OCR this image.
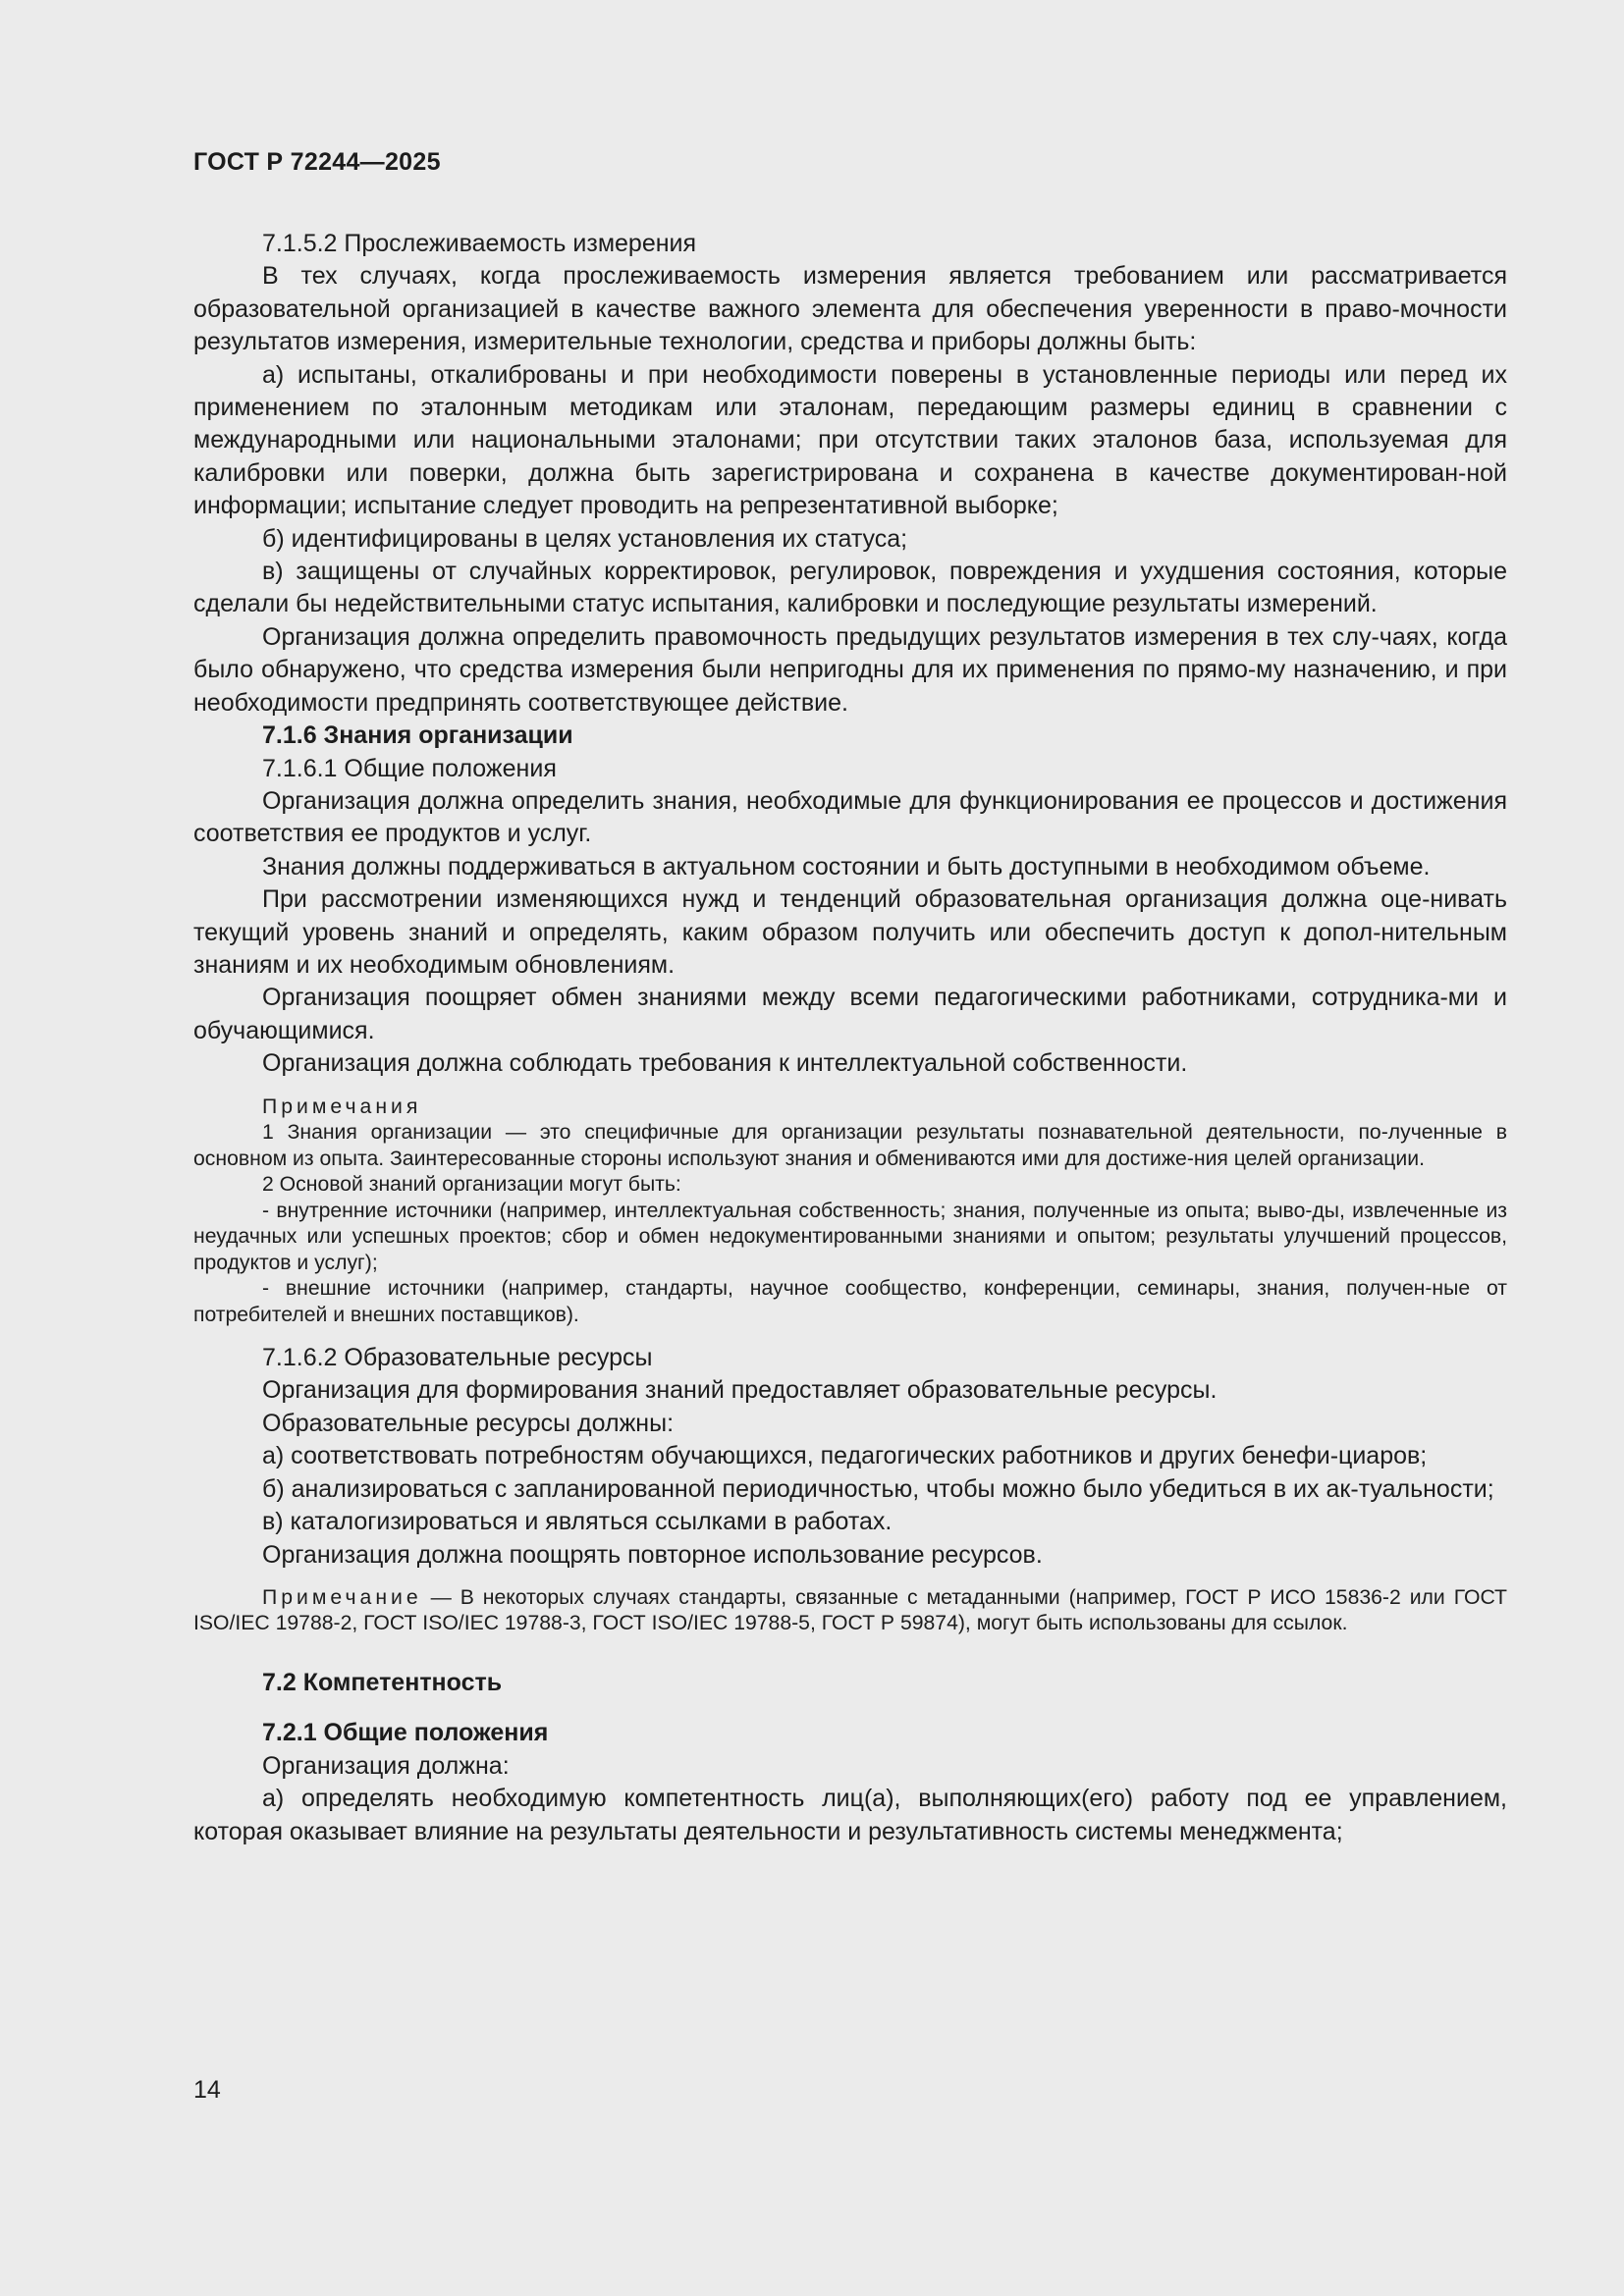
ГОСТ Р 72244—2025

7.1.5.2 Прослеживаемость измерения

В тех случаях, когда прослеживаемость измерения является требованием или рассматривается образовательной организацией в качестве важного элемента для обеспечения уверенности в право-мочности результатов измерения, измерительные технологии, средства и приборы должны быть:

а) испытаны, откалиброваны и при необходимости поверены в установленные периоды или перед их применением по эталонным методикам или эталонам, передающим размеры единиц в сравнении с международными или национальными эталонами; при отсутствии таких эталонов база, используемая для калибровки или поверки, должна быть зарегистрирована и сохранена в качестве документирован-ной информации; испытание следует проводить на репрезентативной выборке;

б) идентифицированы в целях установления их статуса;

в) защищены от случайных корректировок, регулировок, повреждения и ухудшения состояния, которые сделали бы недействительными статус испытания, калибровки и последующие результаты измерений.

Организация должна определить правомочность предыдущих результатов измерения в тех слу-чаях, когда было обнаружено, что средства измерения были непригодны для их применения по прямо-му назначению, и при необходимости предпринять соответствующее действие.

7.1.6 Знания организации

7.1.6.1 Общие положения

Организация должна определить знания, необходимые для функционирования ее процессов и достижения соответствия ее продуктов и услуг.

Знания должны поддерживаться в актуальном состоянии и быть доступными в необходимом объеме.

При рассмотрении изменяющихся нужд и тенденций образовательная организация должна оце-нивать текущий уровень знаний и определять, каким образом получить или обеспечить доступ к допол-нительным знаниям и их необходимым обновлениям.

Организация поощряет обмен знаниями между всеми педагогическими работниками, сотрудника-ми и обучающимися.

Организация должна соблюдать требования к интеллектуальной собственности.

Примечания

1 Знания организации — это специфичные для организации результаты познавательной деятельности, по-лученные в основном из опыта. Заинтересованные стороны используют знания и обмениваются ими для достиже-ния целей организации.

2 Основой знаний организации могут быть:

- внутренние источники (например, интеллектуальная собственность; знания, полученные из опыта; выво-ды, извлеченные из неудачных или успешных проектов; сбор и обмен недокументированными знаниями и опытом; результаты улучшений процессов, продуктов и услуг);

- внешние источники (например, стандарты, научное сообщество, конференции, семинары, знания, получен-ные от потребителей и внешних поставщиков).

7.1.6.2 Образовательные ресурсы

Организация для формирования знаний предоставляет образовательные ресурсы.

Образовательные ресурсы должны:

а) соответствовать потребностям обучающихся, педагогических работников и других бенефи-циаров;

б) анализироваться с запланированной периодичностью, чтобы можно было убедиться в их ак-туальности;

в) каталогизироваться и являться ссылками в работах.

Организация должна поощрять повторное использование ресурсов.

Примечание — В некоторых случаях стандарты, связанные с метаданными (например, ГОСТ Р ИСО 15836-2 или ГОСТ ISO/IEC 19788-2, ГОСТ ISO/IEC 19788-3, ГОСТ ISO/IEC 19788-5, ГОСТ Р 59874), могут быть использованы для ссылок.

7.2 Компетентность

7.2.1 Общие положения

Организация должна:

а) определять необходимую компетентность лиц(а), выполняющих(его) работу под ее управлением, которая оказывает влияние на результаты деятельности и результативность системы менеджмента;

14
